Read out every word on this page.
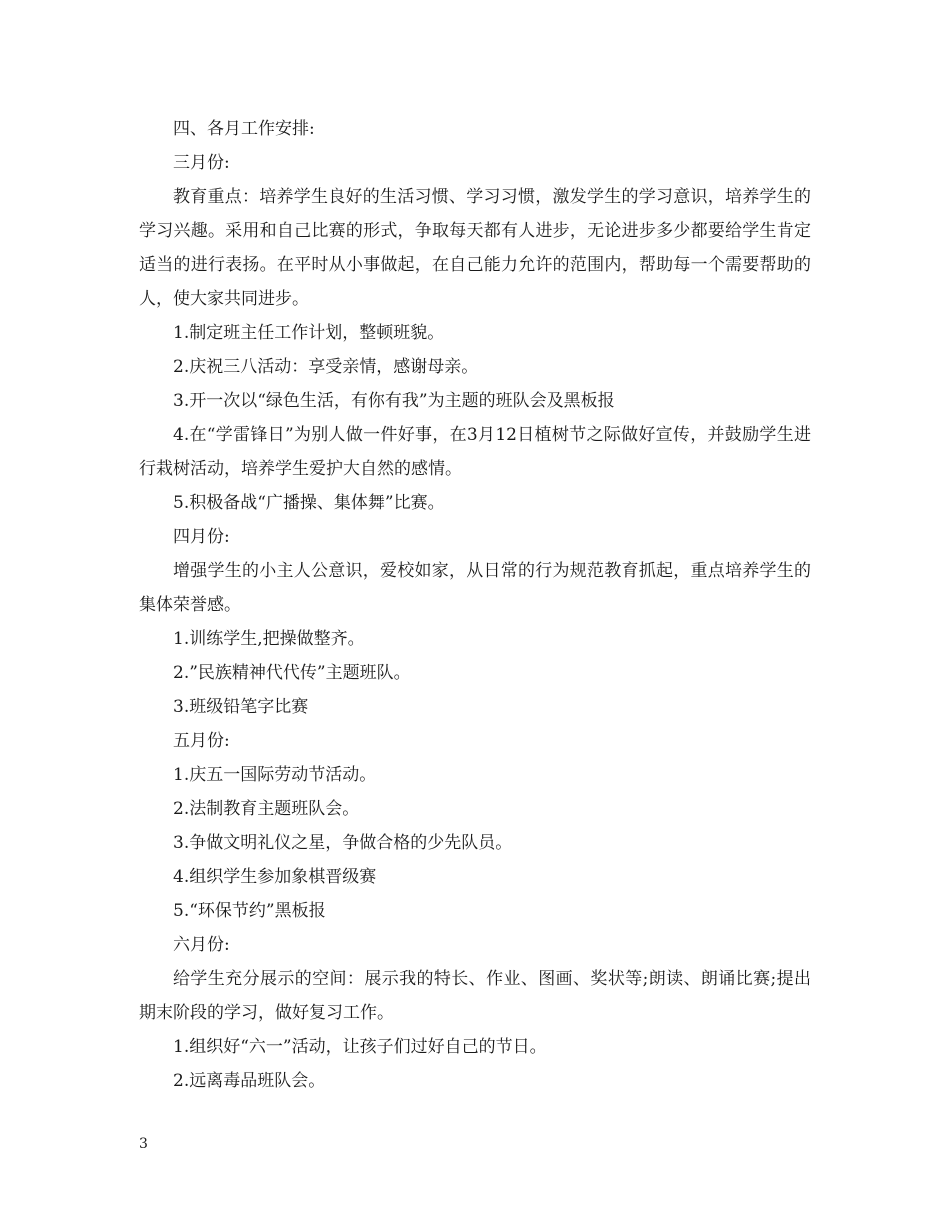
四、各月工作安排:

三月份:

教育重点：培养学生良好的生活习惯、学习习惯，激发学生的学习意识，培养学生的学习兴趣。采用和自己比赛的形式，争取每天都有人进步，无论进步多少都要给学生肯定适当的进行表扬。在平时从小事做起，在自己能力允许的范围内，帮助每一个需要帮助的人，使大家共同进步。

1.制定班主任工作计划，整顿班貌。

2.庆祝三八活动：享受亲情，感谢母亲。

3.开一次以“绿色生活，有你有我”为主题的班队会及黑板报

4.在“学雷锋日”为别人做一件好事，在3月12日植树节之际做好宣传，并鼓励学生进行栽树活动，培养学生爱护大自然的感情。

5.积极备战“广播操、集体舞”比赛。

四月份:

增强学生的小主人公意识，爱校如家，从日常的行为规范教育抓起，重点培养学生的集体荣誉感。

1.训练学生,把操做整齐。

2.”民族精神代代传”主题班队。

3.班级铅笔字比赛

五月份:

1.庆五一国际劳动节活动。

2.法制教育主题班队会。

3.争做文明礼仪之星，争做合格的少先队员。

4.组织学生参加象棋晋级赛

5.“环保节约”黑板报

六月份:

给学生充分展示的空间：展示我的特长、作业、图画、奖状等;朗读、朗诵比赛;提出期末阶段的学习，做好复习工作。

1.组织好“六一”活动，让孩子们过好自己的节日。

2.远离毒品班队会。

3
